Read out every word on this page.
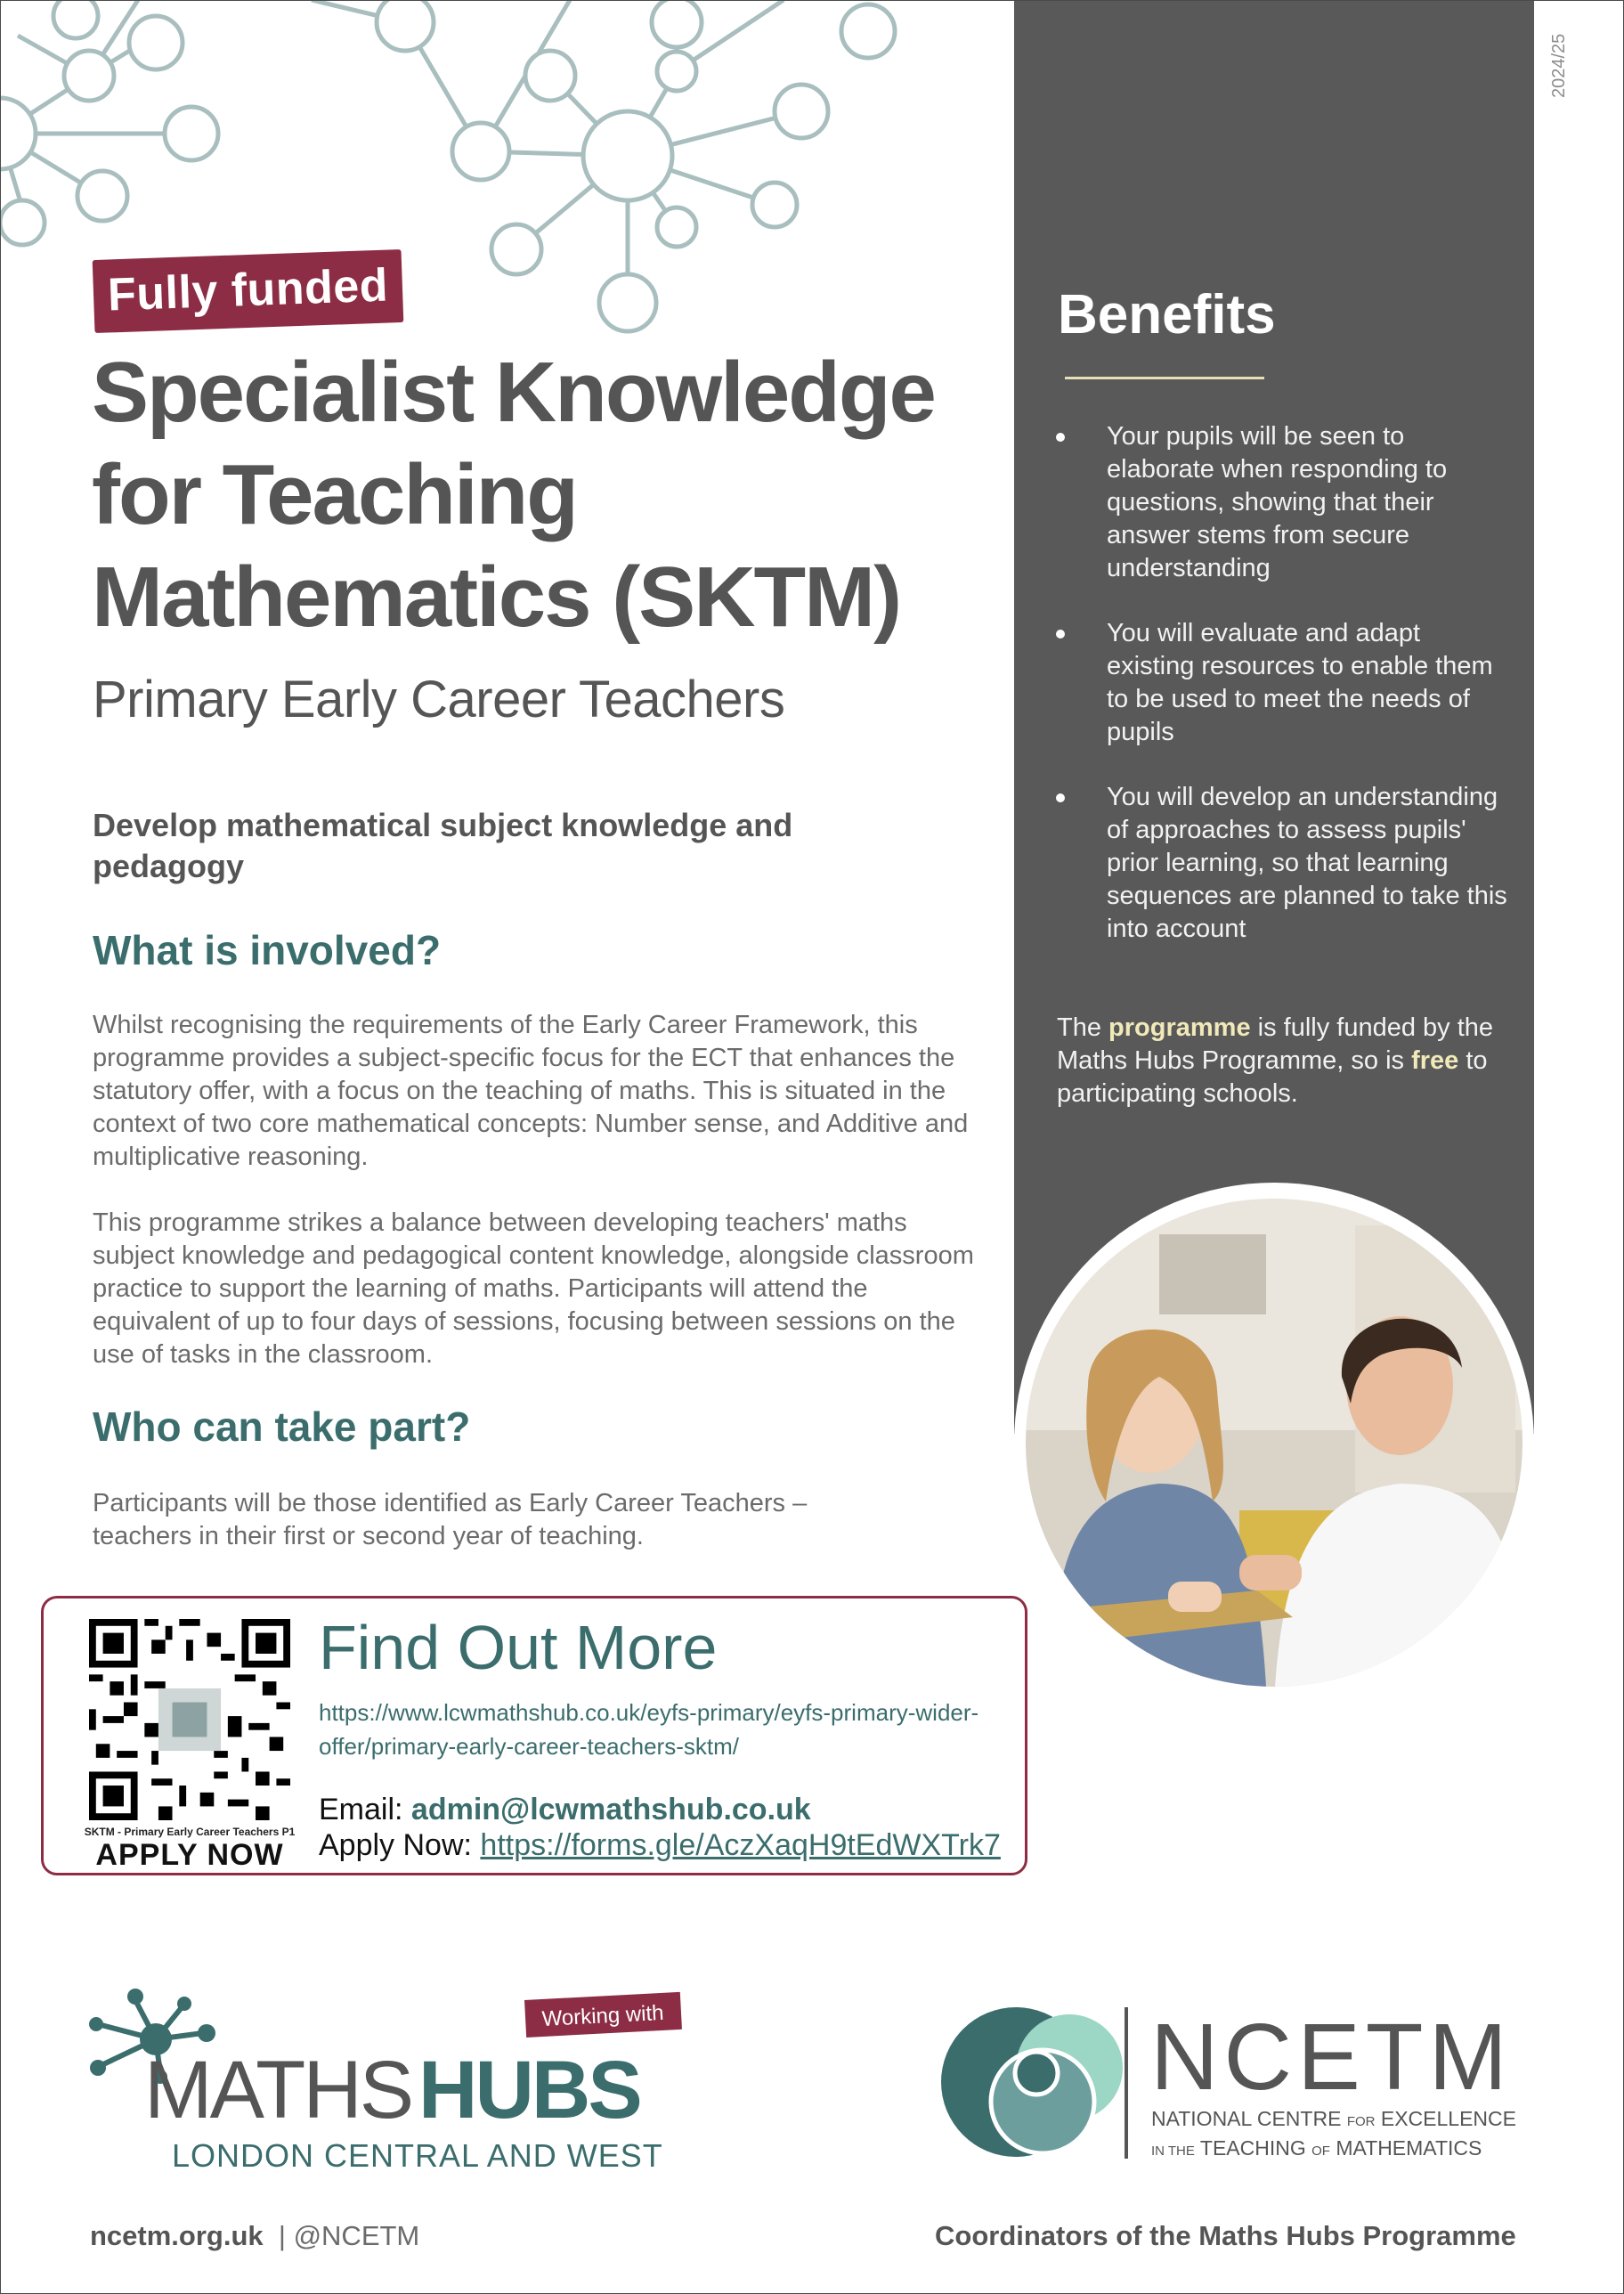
2024/25
Fully funded
Specialist Knowledge
for Teaching
Mathematics (SKTM)
Primary Early Career Teachers

Develop mathematical subject knowledge and pedagogy

What is involved?

Whilst recognising the requirements of the Early Career Framework, this programme provides a subject-specific focus for the ECT that enhances the statutory offer, with a focus on the teaching of maths. This is situated in the context of two core mathematical concepts: Number sense, and Additive and multiplicative reasoning.

This programme strikes a balance between developing teachers' maths subject knowledge and pedagogical content knowledge, alongside classroom practice to support the learning of maths. Participants will attend the equivalent of up to four days of sessions, focusing between sessions on the use of tasks in the classroom.

Who can take part?

Participants will be those identified as Early Career Teachers – teachers in their first or second year of teaching.

Benefits
Your pupils will be seen to elaborate when responding to questions, showing that their answer stems from secure understanding
You will evaluate and adapt existing resources to enable them to be used to meet the needs of pupils
You will develop an understanding of approaches to assess pupils' prior learning, so that learning sequences are planned to take this into account

The programme is fully funded by the Maths Hubs Programme, so is free to participating schools.

SKTM - Primary Early Career Teachers P1
APPLY NOW
Find Out More

https://www.lcwmathshub.co.uk/eyfs-primary/eyfs-primary-wider-offer/primary-early-career-teachers-sktm/

Email: admin@lcwmathshub.co.uk

Apply Now: https://forms.gle/AczXaqH9tEdWXTrk7

Working with
MATHS HUBS
LONDON CENTRAL AND WEST
NCETM
NATIONAL CENTRE FOR EXCELLENCE
IN THE TEACHING OF MATHEMATICS

ncetm.org.uk | @NCETM	Coordinators of the Maths Hubs Programme
